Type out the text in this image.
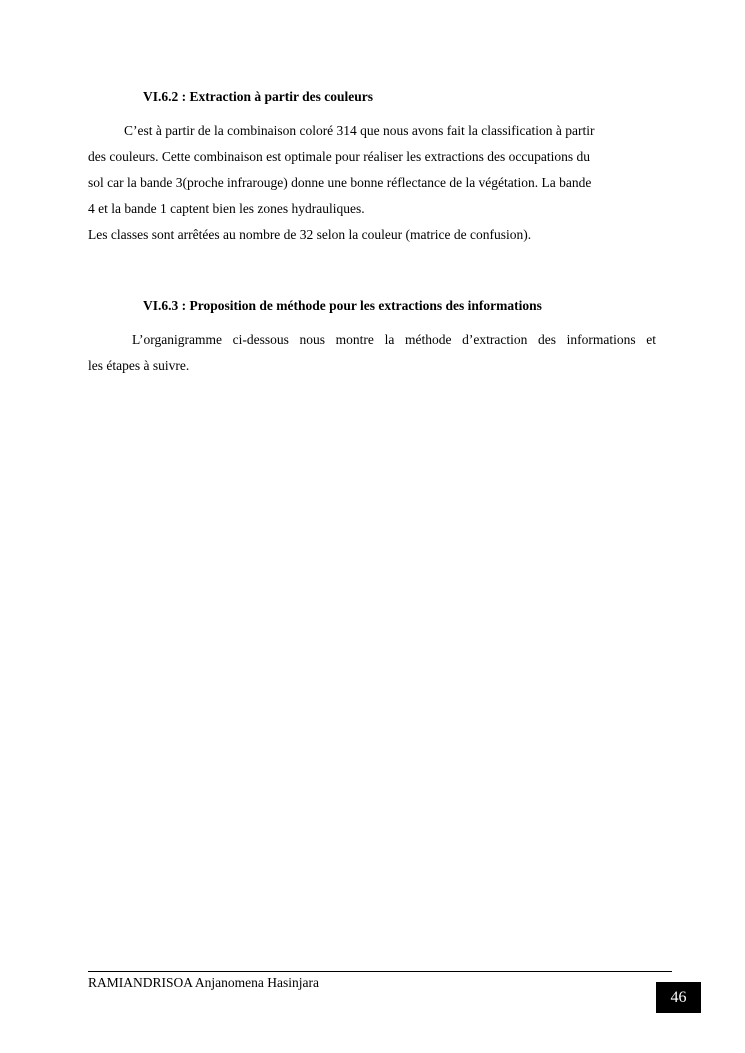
VI.6.2 : Extraction à partir des couleurs
C’est à partir de la combinaison coloré 314 que nous avons fait la classification à partir
des couleurs. Cette combinaison est optimale pour réaliser les extractions des occupations du
sol car la bande 3(proche infrarouge) donne une bonne réflectance de la végétation. La bande
4 et la bande 1 captent bien les zones hydrauliques.
Les classes sont arrêtées au nombre de 32 selon la couleur (matrice de confusion).
VI.6.3 : Proposition de méthode pour les extractions des informations
L’organigramme ci-dessous nous montre la méthode d’extraction des informations et
les étapes à suivre.
RAMIANDRISOA Anjanomena Hasinjara
46
